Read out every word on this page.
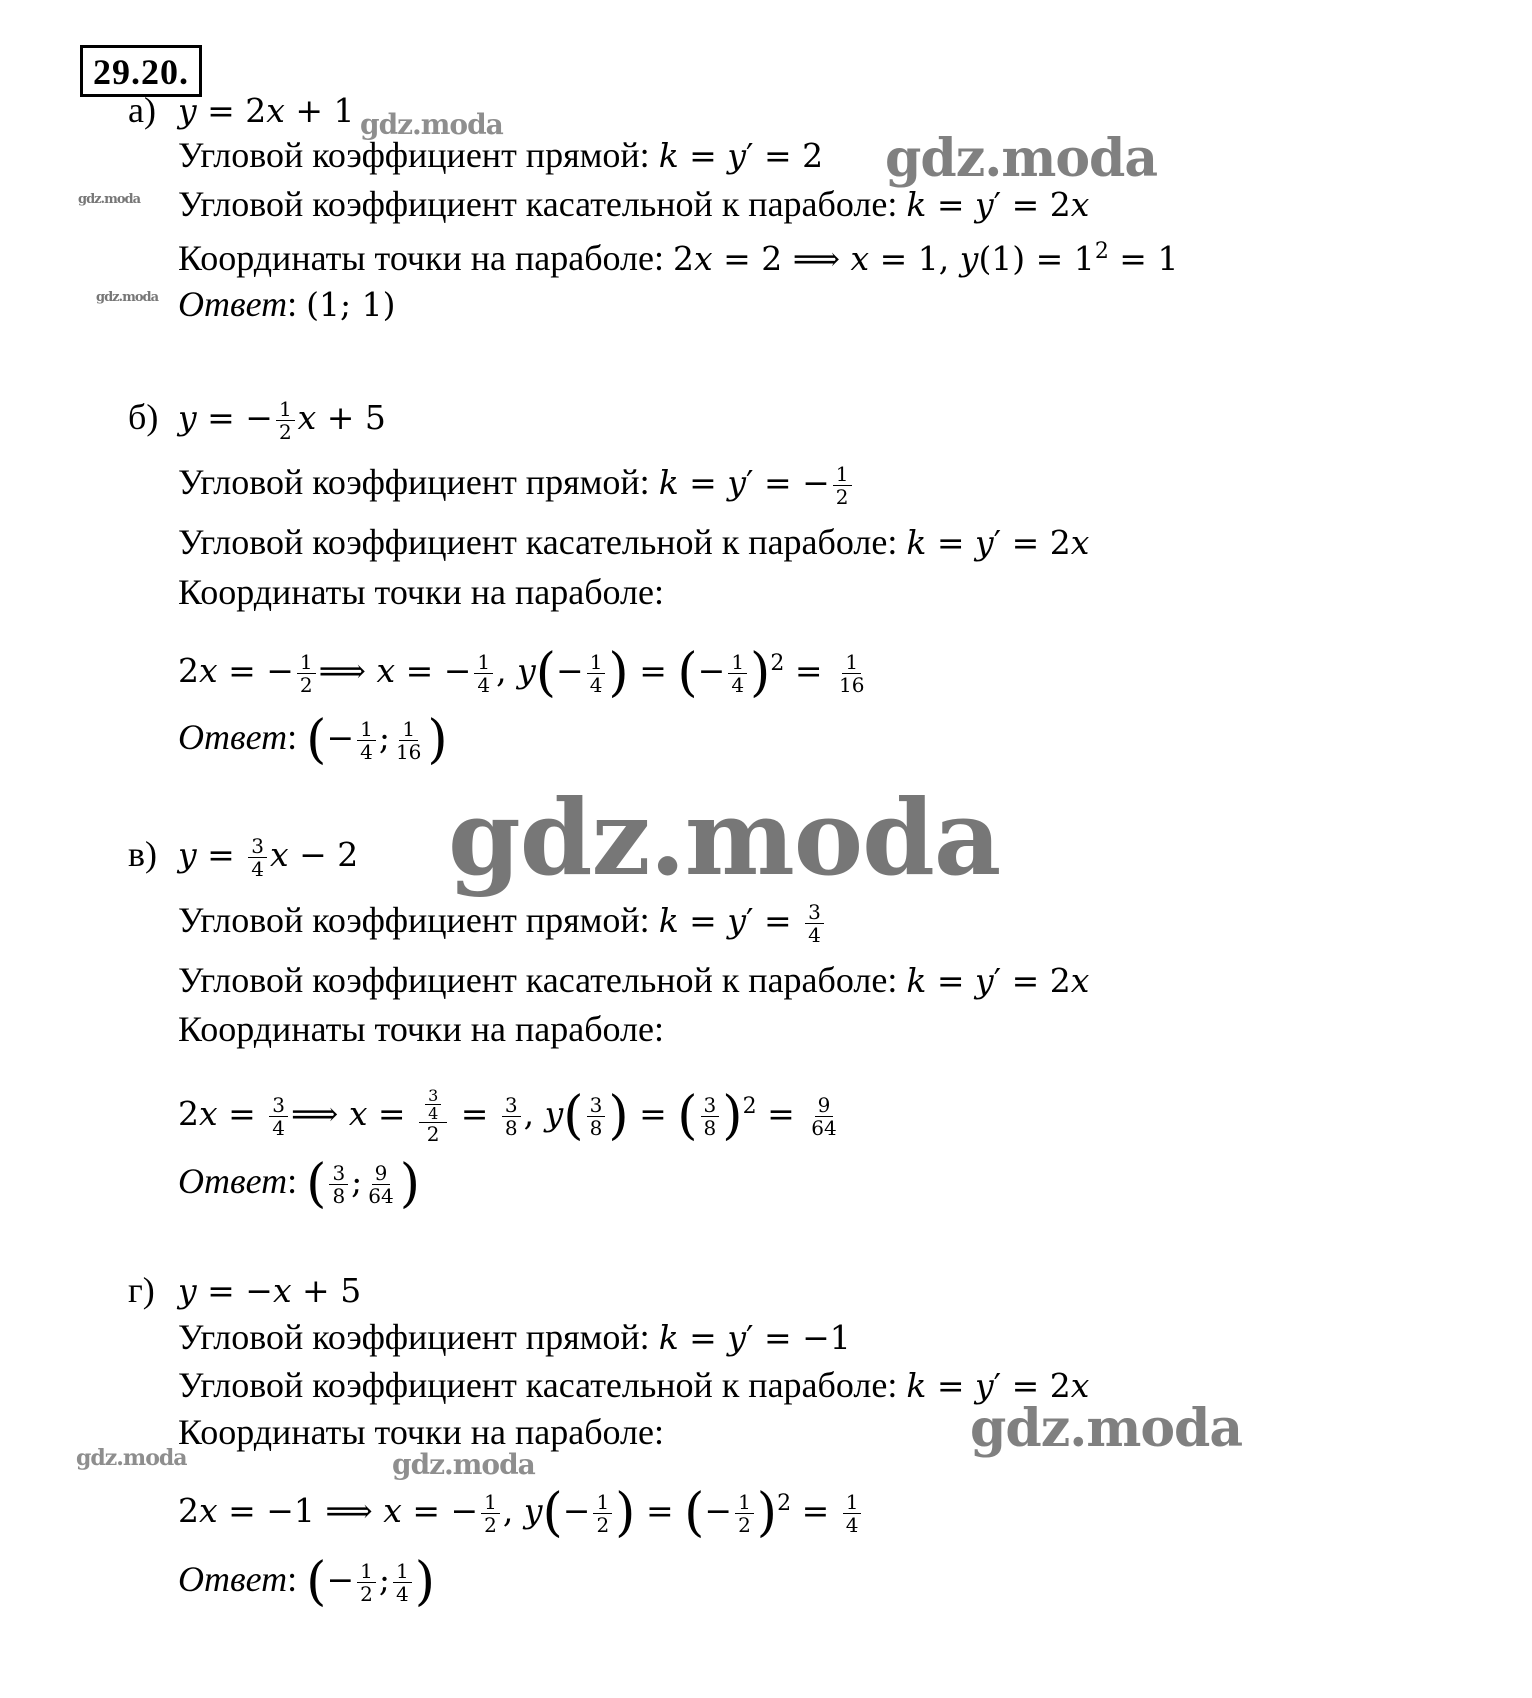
29.20.
а) y = 2x + 1
Угловой коэффициент прямой: k = y′ = 2
Угловой коэффициент касательной к параболе: k = y′ = 2x
Координаты точки на параболе: 2x = 2 ⟹ x = 1, $y(1) = 1^2 = 1$
Ответ: (1; 1)
б) y = − $\frac{1}{2}$ x + 5
Угловой коэффициент прямой: k = y′ = − $\frac{1}{2}$
Угловой коэффициент касательной к параболе: k = y′ = 2x
Координаты точки на параболе:
2x = − $\frac{1}{2}$ ⟹ x = − $\frac{1}{4}$ , $y(- \frac{1}{4}$ ) = (− $\frac{1}{4} )^2 = \frac{1}{16}$
Ответ: (− $\frac{1}{4}$ ; $\frac{1}{16}$ )
в) $y = \frac{3}{4}$ x − 2
Угловой коэффициент прямой: $k = y' = \frac{3}{4}$
Угловой коэффициент касательной к параболе: k = y′ = 2x
Координаты точки на параболе:
$2x = \frac{3}{4}$ ⟹ $x = \frac{\frac{3}{4}}{2} = \frac{3}{8}$ , $y( \frac{3}{8}$ ) = ( $\frac{3}{8} )^2 = \frac{9}{64}$
Ответ: ( $\frac{3}{8}$ ; $\frac{9}{64}$ )
г) y = −x + 5
Угловой коэффициент прямой: k = y′ = −1
Угловой коэффициент касательной к параболе: k = y′ = 2x
Координаты точки на параболе:
2x = −1 ⟹ x = − $\frac{1}{2}$ , $y(- \frac{1}{2}$ ) = (− $\frac{1}{2} )^2 = \frac{1}{4}$
Ответ: (− $\frac{1}{2}$ ; $\frac{1}{4}$ )
gdz.moda
gdz.moda
gdz.moda
gdz.moda
gdz.moda
gdz.moda
gdz.moda	gdz.moda
